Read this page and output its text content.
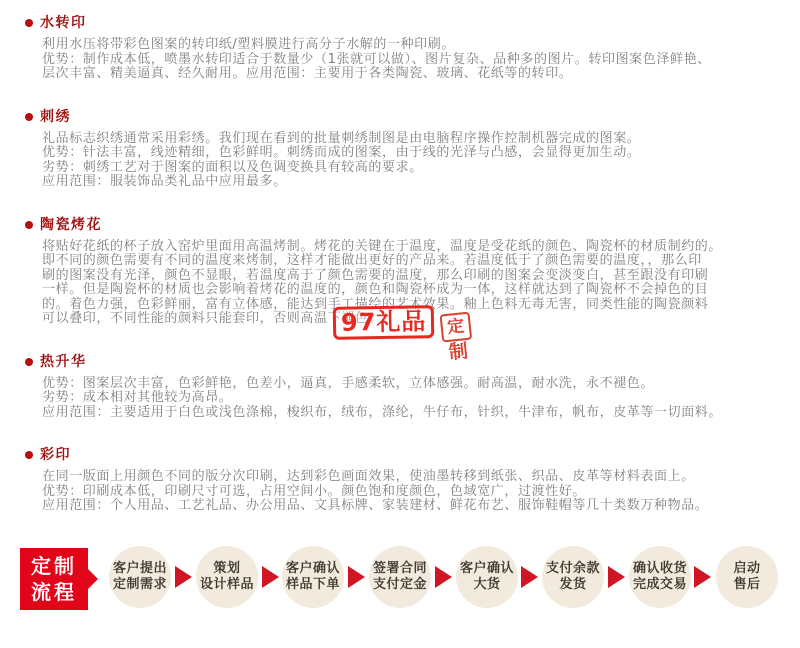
水转印
利用水压将带彩色图案的转印纸/塑料膜进行高分子水解的一种印刷。
优势：制作成本低，喷墨水转印适合于数量少（1张就可以做）、图片复杂、品种多的图片。转印图案色泽鲜艳、
层次丰富、精美逼真、经久耐用。应用范围：主要用于各类陶瓷、玻璃、花纸等的转印。
刺绣
礼品标志织绣通常采用彩绣。我们现在看到的批量刺绣制图是由电脑程序操作控制机器完成的图案。
优势：针法丰富，线迹精细，色彩鲜明。刺绣而成的图案，由于线的光泽与凸感，会显得更加生动。
劣势：刺绣工艺对于图案的面积以及色调变换具有较高的要求。
应用范围：服装饰品类礼品中应用最多。
陶瓷烤花
将贴好花纸的杯子放入窑炉里面用高温烤制。烤花的关键在于温度，温度是受花纸的颜色、陶瓷杯的材质制约的。
即不同的颜色需要有不同的温度来烤制，这样才能做出更好的产品来。若温度低于了颜色需要的温度，，那么印
刷的图案没有光泽，颜色不显眼，若温度高于了颜色需要的温度，那么印刷的图案会变淡变白，甚至跟没有印刷
一样。但是陶瓷杯的材质也会影响着烤花的温度的，颜色和陶瓷杯成为一体，这样就达到了陶瓷杯不会掉色的目
的。着色力强，色彩鲜丽，富有立体感，能达到手工描绘的艺术效果。釉上色料无毒无害，同类性能的陶瓷颜料
可以叠印，不同性能的颜料只能套印，否则高温下褪色。
热升华
优势：图案层次丰富，色彩鲜艳，色差小，逼真，手感柔软，立体感强。耐高温，耐水洗，永不褪色。
劣势：成本相对其他较为高昂。
应用范围：主要适用于白色或浅色涤棉，梭织布，绒布，涤纶，牛仔布，针织，牛津布，帆布，皮革等一切面料。
彩印
在同一版面上用颜色不同的版分次印刷，达到彩色画面效果，使油墨转移到纸张、织品、皮革等材料表面上。
优势：印刷成本低，印刷尺寸可选，占用空间小。颜色饱和度颜色，色域宽广，过渡性好。
应用范围：个人用品、工艺礼品、办公用品、文具标牌、家装建材、鲜花布艺、服饰鞋帽等几十类数万种物品。
97礼品	定
制
定制
流程
客户提出
定制需求
策划
设计样品
客户确认
样品下单
签署合同
支付定金
客户确认
大货
支付余款
发货
确认收货
完成交易
启动
售后
